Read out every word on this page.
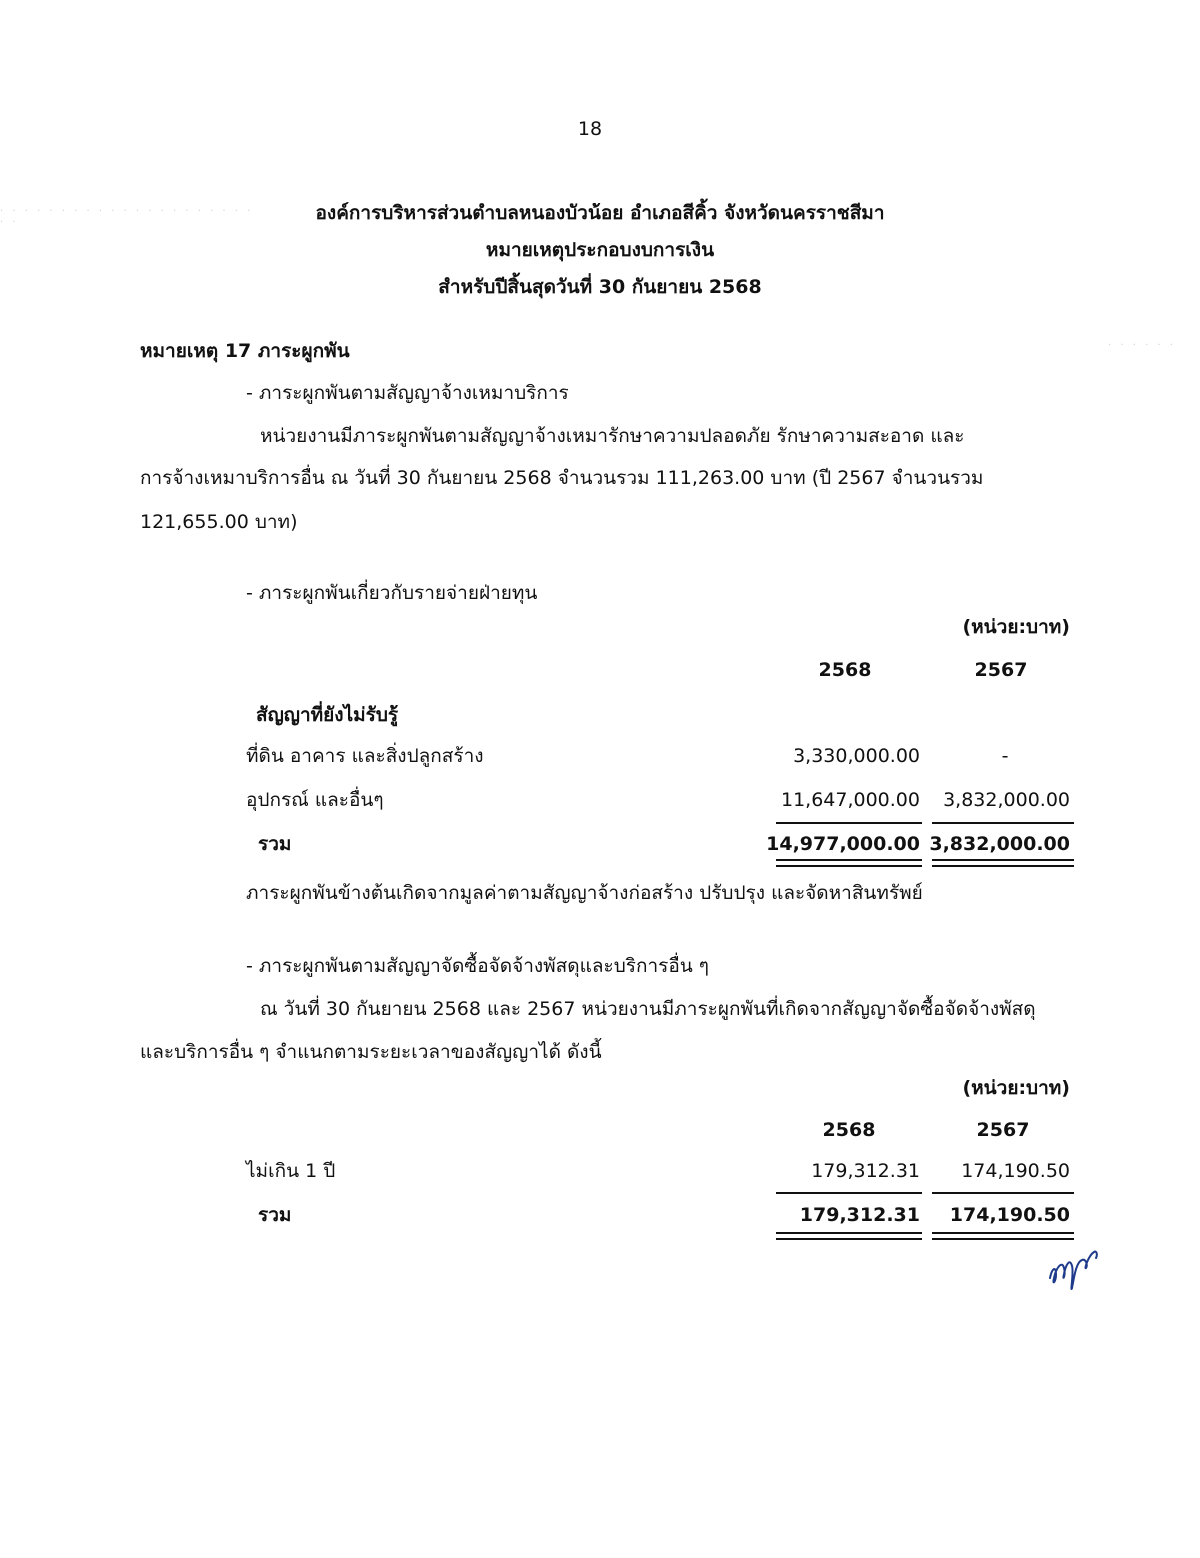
18
องค์การบริหารส่วนตำบลหนองบัวน้อย อำเภอสีคิ้ว จังหวัดนครราชสีมา
หมายเหตุประกอบงบการเงิน
สำหรับปีสิ้นสุดวันที่ 30 กันยายน 2568
หมายเหตุ 17 ภาระผูกพัน
- ภาระผูกพันตามสัญญาจ้างเหมาบริการ
หน่วยงานมีภาระผูกพันตามสัญญาจ้างเหมารักษาความปลอดภัย รักษาความสะอาด และ
การจ้างเหมาบริการอื่น ณ วันที่ 30 กันยายน 2568 จำนวนรวม 111,263.00 บาท (ปี 2567 จำนวนรวม
121,655.00 บาท)
- ภาระผูกพันเกี่ยวกับรายจ่ายฝ่ายทุน
(หน่วย:บาท)
2568	2567
สัญญาที่ยังไม่รับรู้
ที่ดิน อาคาร และสิ่งปลูกสร้าง	3,330,000.00	-
อุปกรณ์ และอื่นๆ	11,647,000.00	3,832,000.00
รวม	14,977,000.00 3,832,000.00
ภาระผูกพันข้างต้นเกิดจากมูลค่าตามสัญญาจ้างก่อสร้าง ปรับปรุง และจัดหาสินทรัพย์
- ภาระผูกพันตามสัญญาจัดซื้อจัดจ้างพัสดุและบริการอื่น ๆ
ณ วันที่ 30 กันยายน 2568 และ 2567 หน่วยงานมีภาระผูกพันที่เกิดจากสัญญาจัดซื้อจัดจ้างพัสดุ
และบริการอื่น ๆ จำแนกตามระยะเวลาของสัญญาได้ ดังนี้
(หน่วย:บาท)
2568	2567
ไม่เกิน 1 ปี	179,312.31	174,190.50
รวม	179,312.31	174,190.50
· · · · · · · · · · · · · · · · · · · · · · ·
· · · · · ·
